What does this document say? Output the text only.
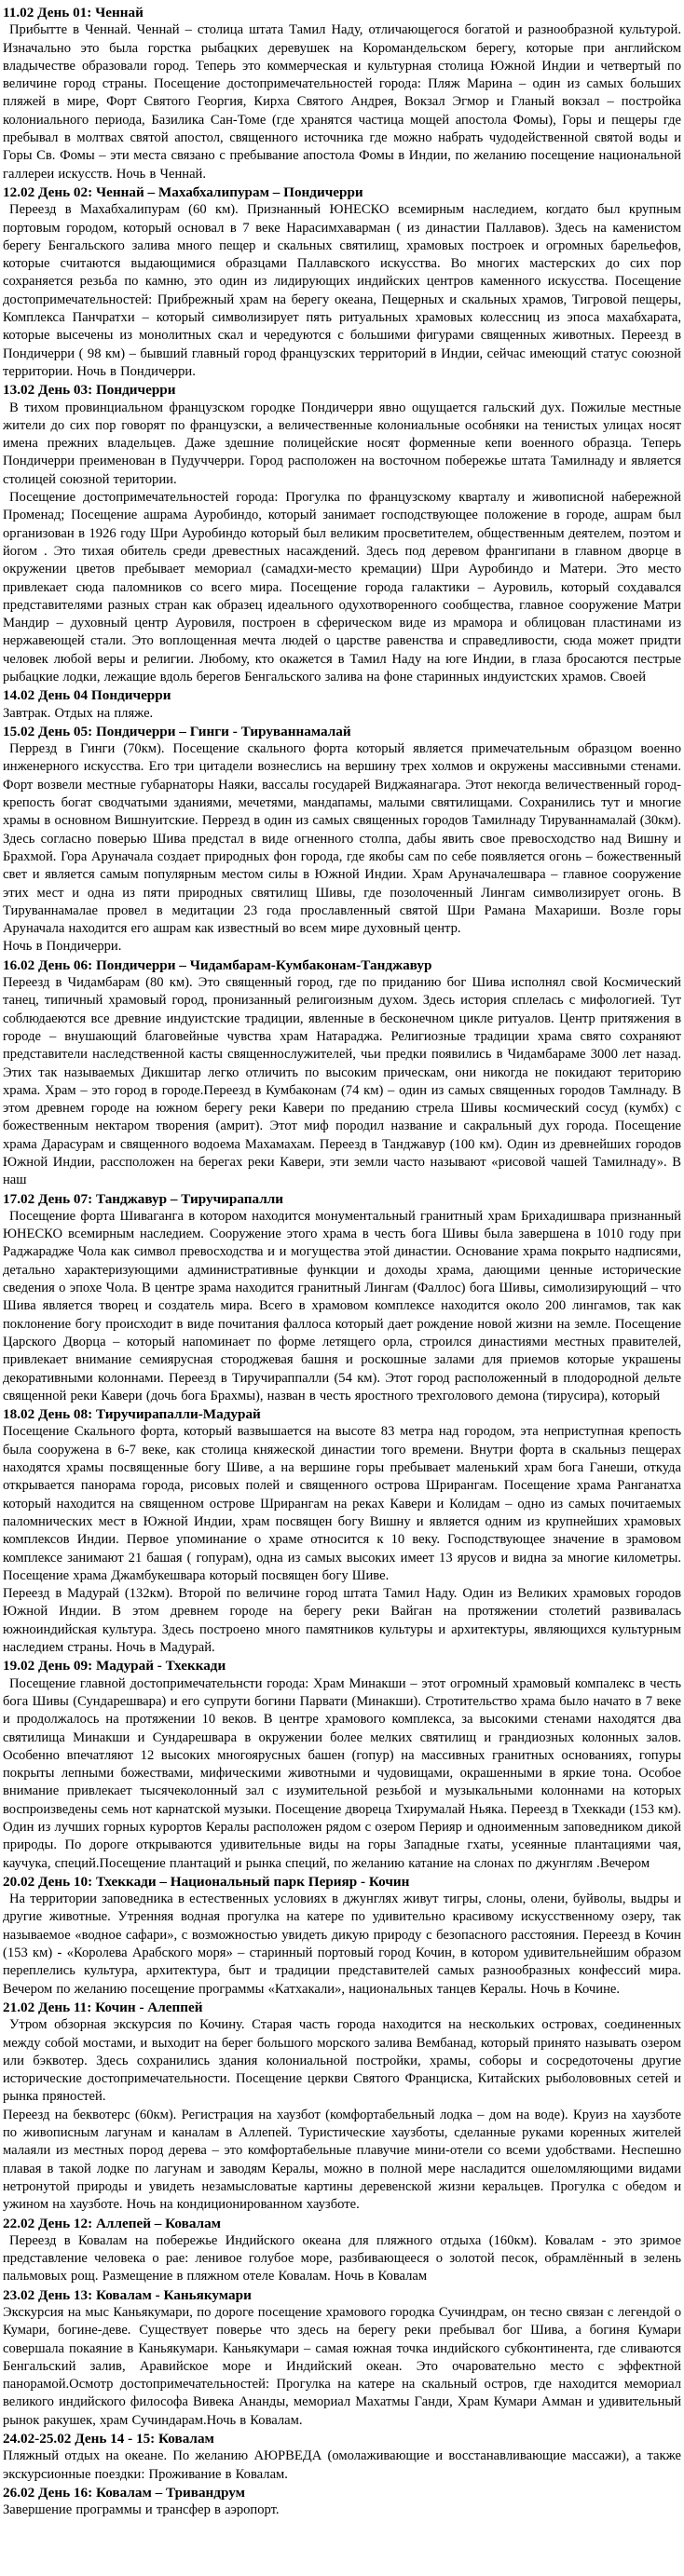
11.02 День 01: Ченнай

Прибытте в Ченнай. Ченнай – столица штата Тамил Наду, отличающегося богатой и разнообразной культурой. Изначально это была горстка рыбацких деревушек на Коромандельском берегу, которые при английском владычестве образовали город. Теперь это коммерческая и культурная столица Южной Индии и четвертый по величине город страны. Посещение достопримечательностей города: Пляж Марина – один из самых больших пляжей в мире, Форт Святого Георгия, Кирха Святого Андрея, Вокзал Эгмор и Гланый вокзал – постройка колониального периода, Базилика Сан-Томе (где хранятся частица мощей апостола Фомы), Горы и пещеры где пребывал в молтвах святой апостол, священного источника где можно набрать чудодейственной святой воды и Горы Св. Фомы – эти места связано с пребывание апостола Фомы в Индии, по желанию посещение национальной галлереи искусств. Ночь в Ченнай.

12.02 День 02: Ченнай – Махабхалипурам – Пондичерри

Переезд в Махабхалипурам (60 км). Признанный ЮНЕСКО всемирным наследием, когдато был крупным портовым городом, который основал в 7 веке Нарасимхаварман ( из династии Паллавов). Здесь на каменистом берегу Бенгальского залива много пещер и скальных святилищ, храмовых построек и огромных барельефов, которые считаются выдающимися образцами Паллавского искусства. Во многих мастерских до сих пор сохраняется резьба по камню, это один из лидирующих индийских центров каменного искусства. Посещение достопримечательностей: Прибрежный храм на берегу океана, Пещерных и скальных храмов, Тигровой пещеры, Комплекса Панчратхи – который символизирует пять ритуальных храмовых колессниц из эпоса махабхарата, которые высечены из монолитных скал и чередуются с большими фигурами священных животных. Переезд в Пондичерри ( 98 км) – бывший главный город французских территорий в Индии, сейчас имеющий статус союзной территории. Ночь в Пондичерри.

13.02 День 03: Пондичерри

В тихом провинциальном французском городке Пондичерри явно ощущается гальский дух. Пожилые местные жители до сих пор говорят по французски, а величественные колониальные особняки на тенистых улицах носят имена прежних владельцев. Даже здешние полицейские носят форменные кепи военного образца. Теперь Пондичерри преименован в Пудуччерри. Город расположен на восточном побережье штата Тамилнаду и является столицей союзной територии.

Посещение достопримечательностей города: Прогулка по французскому кварталу и живописной набережной Променад; Посещение ашрама Ауробиндо, который занимает господствующее положение в городе, ашрам был организован в 1926 году Шри Ауробиндо который был великим просветителем, общественным деятелем, поэтом и йогом . Это тихая обитель среди древестных насаждений. Здесь под деревом франгипани в главном дворце в окружении цветов пребывает мемориал (самадхи-место кремации) Шри Ауробиндо и Матери. Это место привлекает сюда паломников со всего мира. Посещение города галактики – Ауровиль, который сохдавался представителями разных стран как образец идеального одухотворенного сообщества, главное сооружение Матри Мандир – духовный центр Ауровиля, построен в сферическом виде из мрамора и облицован пластинами из нержавеющей стали. Это воплощенная мечта людей о царстве равенства и справедливости, сюда может придти человек любой веры и религии. Любому, кто окажется в Тамил Наду на юге Индии, в глаза бросаются пестрые рыбацкие лодки, лежащие вдоль берегов Бенгальского залива на фоне старинных индуистских храмов. Своей

14.02 День 04 Пондичерри

Завтрак. Отдых на пляже.

15.02 День 05: Пондичерри – Гинги - Тируваннамалай

Перрезд в Гинги (70км). Посещение скального форта который является примечательным образцом военно инженерного искусства. Его три цитадели вознеслись на вершину трех холмов и окружены массивными стенами. Форт возвели местные губарнаторы Наяки, вассалы государей Виджаянагара. Этот некогда величественный город-крепость богат сводчатыми зданиями, мечетями, мандапамы, малыми святилищами. Сохранились тут и многие храмы в основном Вишнуитские. Перрезд в один из самых священных городов Тамилнаду Тируваннамалай (30км). Здесь согласно поверью Шива предстал в виде огненного столпа, дабы явить свое превосходство над Вишну и Брахмой. Гора Аруначала создает природных фон города, где якобы сам по себе появляется огонь – божественный свет и является самым популярным местом силы в Южной Индии. Храм Аруначалешвара – главное сооружение этих мест и одна из пяти природных святилищ Шивы, где позолоченный Лингам символизирует огонь. В Тируваннамалае провел в медитации 23 года прославленный святой Шри Рамана Махариши. Возле горы Аруначала находится его ашрам как известный во всем мире духовный центр.

Ночь в Пондичерри.

16.02 День 06: Пондичерри – Чидамбарам-Кумбаконам-Танджавур

Переезд в Чидамбарам (80 км). Это священный город, где по приданию бог Шива исполнял свой Космический танец, типичный храмовый город, пронизанный религоизным духом. Здесь история сплелась с мифологией. Тут соблюдаеются все древние индуистские традиции, явленные в бесконечном цикле ритуалов. Центр притяжения в городе – внушающий благовейные чувства храм Натараджа. Религиозные традиции храма свято сохраняют представители наследственной касты священнослужителей, чьи предки появились в Чидамбараме 3000 лет назад. Этих так называемых Дикшитар легко отличить по высоким прическам, они никогда не покидают територию храма. Храм – это город в городе.Переезд в Кумбаконам (74 км) – один из самых священных городов Тамлнаду. В этом древнем городе на южном берегу реки Кавери по преданию стрела Шивы космический сосуд (кумбх) с божественным нектаром творения (амрит). Этот миф породил название и сакральный дух города. Посещение храма Дарасурам и священного водоема Махамахам. Переезд в Танджавур (100 км). Один из древнейших городов Южной Индии, рассположен на берегах реки Кавери, эти земли часто называют «рисовой чашей Тамилнаду». В наш

17.02 День 07: Танджавур – Тиручирапалли

Посещение форта Шиваганга в котором находится монументальный гранитный храм Брихадишвара признанный ЮНЕСКО всемирным наследием. Сооружение этого храма в честь бога Шивы была завершена в 1010 году при Раджарадже Чола как символ превосходства и и могущества этой династии. Основание храма покрыто надписями, детально характеризующими административные функции и доходы храма, дающими ценные исторические сведения о эпохе Чола. В центре зрама находится гранитный Лингам (Фаллос) бога Шивы, симолизирующий – что Шива является творец и создатель мира. Всего в храмовом комплексе находится около 200 лингамов, так как поклонение богу происходит в виде почитания фаллоса который дает рождение новой жизни на земле. Посещение Царского Дворца – который напоминает по форме летящего орла, строился династиями местных правителей, привлекает внимание семиярусная стороджевая башня и роскошные залами для приемов которые украшены декоративными колоннами. Переезд в Тиручираппалли (54 км). Этот город расположенный в плодородной дельте священной реки Кавери (дочь бога Брахмы), назван в честь яростного трехголового демона (тирусира), который

18.02 День 08: Тиручирапалли-Мадурай

Посещение Скального форта, который вазвышается на высоте 83 метра над городом, эта неприступная крепость была сооружена в 6-7 веке, как столица княжеской династии того времени. Внутри форта в скальныз пещерах находятся храмы посвященные богу Шиве, а на вершине горы пребывает маленький храм бога Ганеши, откуда открывается панорама города, рисовых полей и священного острова Шрирангам. Посещение храма Ранганатха который находится на священном острове Шрирангам на реках Кавери и Колидам – одно из самых почитаемых паломнических мест в Южной Индии, храм посвящен богу Вишну и является одним из крупнейших храмовых комплексов Индии. Первое упоминание о храме относится к 10 веку. Господствующее значение в зрамовом комплексе занимают 21 башая ( гопурам), одна из самых высоких имеет 13 ярусов и видна за многие километры. Посещение храма Джамбукешвара который посвящен богу Шиве.

Переезд в Мадурай (132км). Второй по величине город штата Тамил Наду. Один из Великих храмовых городов Южной Индии. В этом древнем городе на берегу реки Вайган на протяжении столетий развивалась южноиндийская культура. Здесь построено много памятников культуры и архитектуры, являющихся культурным наследием страны. Ночь в Мадурай.

19.02 День 09: Мадурай - Тхеккади

Посещение главной достопримечательнсти города: Храм Минакши – этот огромный храмовый компалекс в честь бога Шивы (Сундарешвара) и его супрути богини Парвати (Минакши). Стротительство храма было начато в 7 веке и продолжалось на протяжении 10 веков. В центре храмового комплекса, за высокими стенами находятся два святилища Минакши и Сундарешвара в окружении более мелких святилищ и грандиозных колонных залов. Особенно впечатляют 12 высоких многоярусных башен (гопур) на массивных гранитных основаниях, гопуры покрыты лепными божествами, мифическими животными и чудовищами, окрашенными в яркие тона. Особое внимание привлекает тысячеколонный зал с изумительной резьбой и музыкальными колоннами на которых воспроизведены семь нот карнатской музыки. Посещение двореца Тхирумалай Ньяка. Переезд в Тхеккади (153 км). Один из лучших горных курортов Кералы расположен рядом с озером Перияр и одноименным заповедником дикой природы. По дороге открываются удивительные виды на горы Западные гхаты, усеянные плантациями чая, каучука, специй.Посещение плантаций и рынка специй, по желанию катание на слонах по джунглям .Вечером

20.02 День 10: Тхеккади – Национальный парк Перияр - Кочин

На территории заповедника в естественных условиях в джунглях живут тигры, слоны, олени, буйволы, выдры и другие животные. Утренняя водная прогулка на катере по удивительно красивому искусственному озеру, так называемое «водное сафари», с возможностью увидеть дикую природу с безопасного расстояния. Переезд в Кочин (153 км) - «Королева Арабского моря» – старинный портовый город Кочин, в котором удивительнейшим образом переплелись культура, архитектура, быт и традиции представителей самых разнообразных конфессий мира. Вечером по желанию посещение программы «Катхакали», национальных танцев Кералы. Ночь в Кочине.

21.02 День 11: Кочин - Алеппей

Утром обзорная экскурсия по Кочину. Старая часть города находится на нескольких островах, соединенных между собой мостами, и выходит на берег большого морского залива Вембанад, который принято называть озером или бэквотер. Здесь сохранились здания колониальной постройки, храмы, соборы и сосредоточены другие исторические достопримечательности. Посещение церкви Святого Франциска, Китайских рыболововных сетей и рынка пряностей.

Переезд на беквотерс (60км). Регистрация на хаузбот (комфортабельный лодка – дом на воде). Круиз на хаузботе по живописным лагунам и каналам в Аллепей. Туристические хаузботы, сделанные руками коренных жителей малаяли из местных пород дерева – это комфортабельные плавучие мини-отели со всеми удобствами. Неспешно плавая в такой лодке по лагунам и заводям Кералы, можно в полной мере насладится ошеломляющими видами нетронутой природы и увидеть незамысловатые картины деревенской жизни керальцев. Прогулка с обедом и ужином на хаузботе. Ночь на кондиционированном хаузботе.

22.02 День 12: Аллепей – Ковалам

Переезд в Ковалам на побережье Индийского океана для пляжного отдыха (160км). Ковалам - это зримое представление человека о рае: ленивое голубое море, разбивающееся о золотой песок, обрамлённый в зелень пальмовых рощ. Размещение в пляжном отеле Ковалам. Ночь в Ковалам

23.02 День 13: Ковалам - Каньякумари

Экскурсия на мыс Каньякумари, по дороге посещение храмового городка Сучиндрам, он тесно связан с легендой о Кумари, богине-деве. Существует поверье что здесь на берегу реки пребывал бог Шива, а богиня Кумари совершала покаяние в Каньякумари. Каньякумари – самая южная точка индийского субконтинента, где сливаются Бенгальский залив, Аравийское море и Индийский океан. Это очаровательно место с эффектной панорамой.Осмотр достопримечательностей: Прогулка на катере на скальный остров, где находится мемориал великого индийского философа Вивека Ананды, мемориал Махатмы Ганди, Храм Кумари Амман и удивительный рынок ракушек, храм Сучиндарам.Ночь в Ковалам.

24.02-25.02 День 14 - 15: Ковалам

Пляжный отдых на океане. По желанию АЮРВЕДА (омолаживающие и восстанавливающие массажи), а также экскурсионные поездки: Проживание в Ковалам.

26.02 День 16: Ковалам – Тривандрум

Завершение программы и трансфер в аэропорт.
